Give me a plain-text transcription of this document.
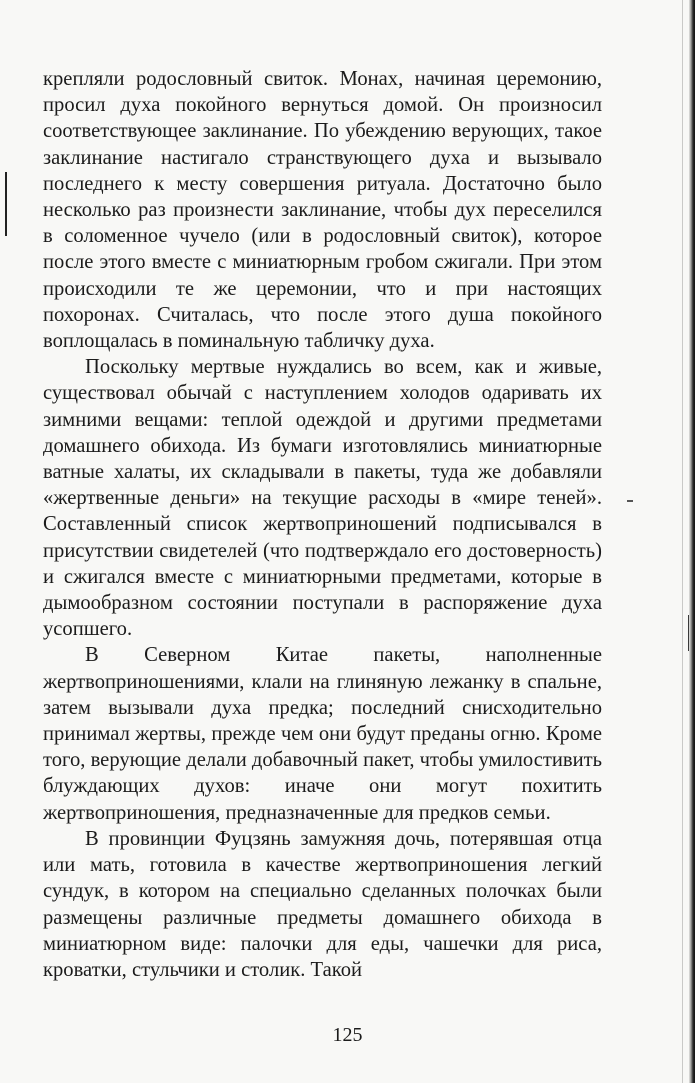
крепляли родословный свиток. Монах, начиная церемонию, просил духа покойного вернуться домой. Он произносил соответствующее заклинание. По убеждению верующих, такое заклинание настигало странствующего духа и вызывало последнего к месту совершения ритуала. Достаточно было несколько раз произнести заклинание, чтобы дух переселился в соломенное чучело (или в родословный свиток), которое после этого вместе с миниатюрным гробом сжигали. При этом происходили те же церемонии, что и при настоящих похоронах. Считалась, что после этого душа покойного воплощалась в поминальную табличку духа.

Поскольку мертвые нуждались во всем, как и живые, существовал обычай с наступлением холодов одаривать их зимними вещами: теплой одеждой и другими предметами домашнего обихода. Из бумаги изготовлялись миниатюрные ватные халаты, их складывали в пакеты, туда же добавляли «жертвенные деньги» на текущие расходы в «мире теней». Составленный список жертвоприношений подписывался в присутствии свидетелей (что подтверждало его достоверность) и сжигался вместе с миниатюрными предметами, которые в дымообразном состоянии поступали в распоряжение духа усопшего.

В Северном Китае пакеты, наполненные жертвоприношениями, клали на глиняную лежанку в спальне, затем вызывали духа предка; последний снисходительно принимал жертвы, прежде чем они будут преданы огню. Кроме того, верующие делали добавочный пакет, чтобы умилостивить блуждающих духов: иначе они могут похитить жертвоприношения, предназначенные для предков семьи.

В провинции Фуцзянь замужняя дочь, потерявшая отца или мать, готовила в качестве жертвоприношения легкий сундук, в котором на специально сделанных полочках были размещены различные предметы домашнего обихода в миниатюрном виде: палочки для еды, чашечки для риса, кроватки, стульчики и столик. Такой

125
